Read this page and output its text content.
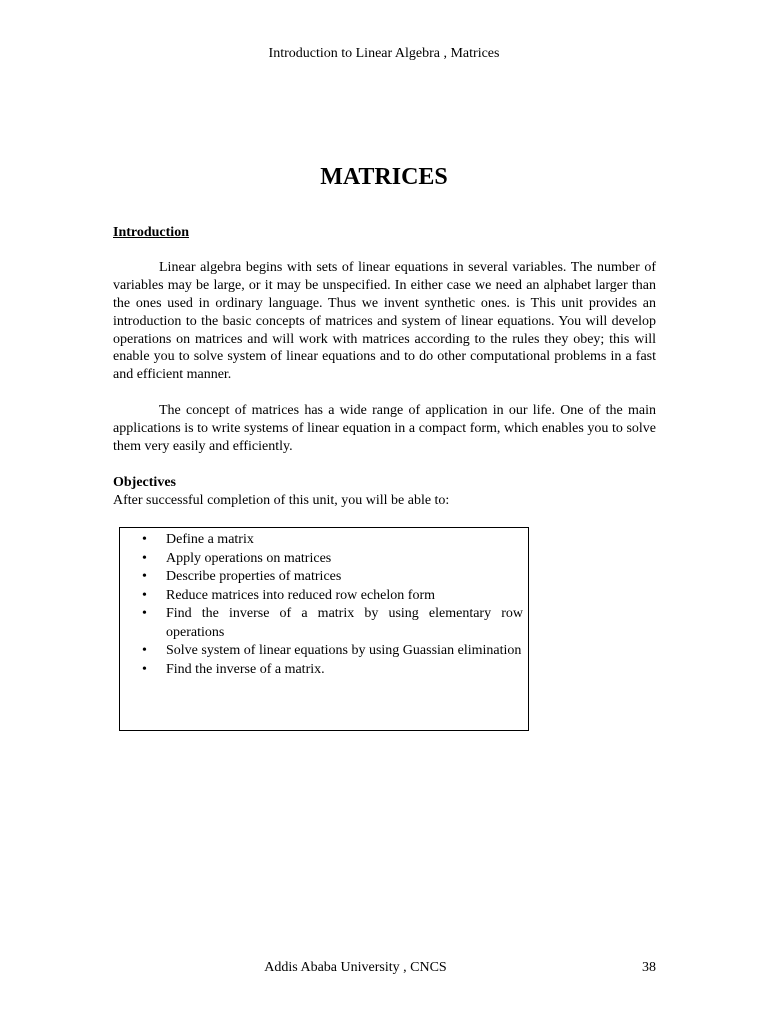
Introduction to Linear Algebra , Matrices
MATRICES
Introduction

Linear algebra begins with sets of linear equations in several variables. The number of variables may be large, or it may be unspecified. In either case we need an alphabet larger than the ones used in ordinary language. Thus we invent synthetic ones. is This unit provides an introduction to the basic concepts of matrices and system of linear equations. You will develop operations on matrices and will work with matrices according to the rules they obey; this will enable you to solve system of linear equations and to do other computational problems in a fast and efficient manner.

The concept of matrices has a wide range of application in our life. One of the main applications is to write systems of linear equation in a compact form, which enables you to solve them very easily and efficiently.

Objectives

After successful completion of this unit, you will be able to:

• Define a matrix
• Apply operations on matrices
• Describe properties of matrices
• Reduce matrices into reduced row echelon form
• Find the inverse of a matrix by using elementary row operations
• Solve system of linear equations by using Guassian elimination
• Find the inverse of a matrix.
Addis Ababa University , CNCS	38
